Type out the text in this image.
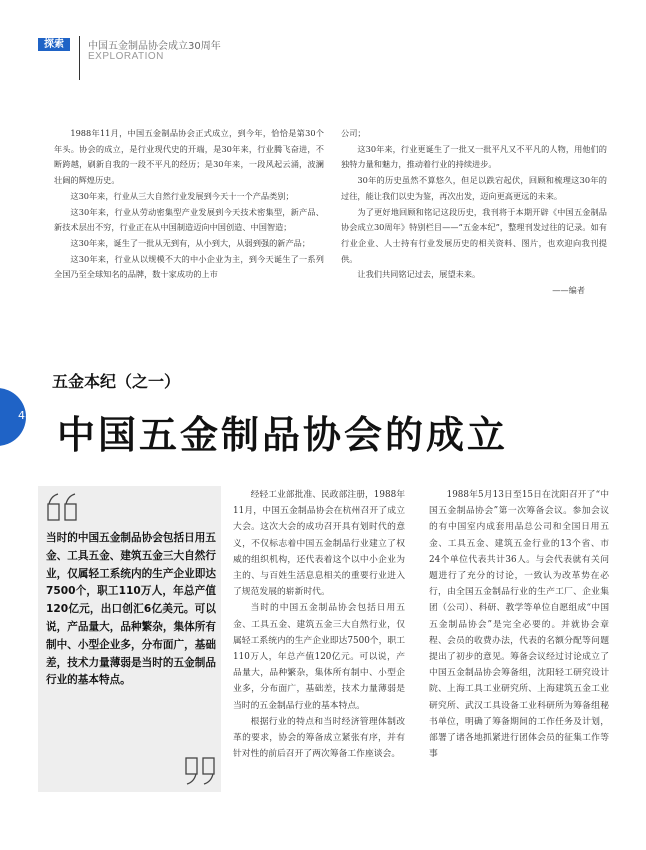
探索	中国五金制品协会成立30周年
EXPLORATION

1988年11月，中国五金制品协会正式成立，到今年，恰恰是第30个年头。协会的成立，是行业现代史的开端，是30年来，行业腾飞奋进，不断跨越，刷新自我的一段不平凡的经历；是30年来，一段风起云涌，波澜壮阔的辉煌历史。

这30年来，行业从三大自然行业发展到今天十一个产品类别；

这30年来，行业从劳动密集型产业发展到今天技术密集型，新产品、新技术层出不穷，行业正在从中国制造迈向中国创造、中国智造；

这30年来，诞生了一批从无到有，从小到大，从弱到强的新产品；

这30年来，行业从以规模不大的中小企业为主，到今天诞生了一系列全国乃至全球知名的品牌，数十家成功的上市

公司；

这30年来，行业更诞生了一批又一批平凡又不平凡的人物，用他们的独特力量和魅力，推动着行业的持续进步。

30年的历史虽然不算悠久，但足以跌宕起伏，回顾和梳理这30年的过往，能让我们以史为鉴，再次出发，迈向更高更远的未来。

为了更好地回顾和铭记这段历史，我刊将于本期开辟《中国五金制品协会成立30周年》特别栏目——“五金本纪”，整理刊发过往的记录。如有行业企业、人士持有行业发展历史的相关资料、图片，也欢迎向我刊提供。

让我们共同铭记过去，展望未来。

——编者

五金本纪（之一）
48 中国五金制品协会的成立
当时的中国五金制品协会包括日用五金、工具五金、建筑五金三大自然行业，仅属轻工系统内的生产企业即达7500个，职工110万人，年总产值120亿元，出口创汇6亿美元。可以说，产品量大，品种繁杂，集体所有制中、小型企业多，分布面广，基础差，技术力量薄弱是当时的五金制品行业的基本特点。

经轻工业部批准、民政部注册，1988年11月，中国五金制品协会在杭州召开了成立大会。这次大会的成功召开具有划时代的意义，不仅标志着中国五金制品行业建立了权威的组织机构，还代表着这个以中小企业为主的、与百姓生活息息相关的重要行业进入了规范发展的崭新时代。

当时的中国五金制品协会包括日用五金、工具五金、建筑五金三大自然行业，仅属轻工系统内的生产企业即达7500个，职工110万人，年总产值120亿元。可以说，产品量大，品种繁杂，集体所有制中、小型企业多，分布面广，基础差，技术力量薄弱是当时的五金制品行业的基本特点。

根据行业的特点和当时经济管理体制改革的要求，协会的筹备成立紧张有序，并有针对性的前后召开了两次筹备工作座谈会。

1988年5月13日至15日在沈阳召开了“中国五金制品协会”第一次筹备会议。参加会议的有中国室内成套用品总公司和全国日用五金、工具五金、建筑五金行业的13个省、市24个单位代表共计36人。与会代表就有关问题进行了充分的讨论，一致认为改革势在必行，由全国五金制品行业的生产工厂、企业集团（公司）、科研、教学等单位自愿组成“中国五金制品协会”是完全必要的。并就协会章程、会员的收费办法，代表的名额分配等问题提出了初步的意见。筹备会议经过讨论成立了中国五金制品协会筹备组，沈阳轻工研究设计院、上海工具工业研究所、上海建筑五金工业研究所、武汉工具设备工业科研所为筹备组秘书单位，明确了筹备期间的工作任务及计划，部署了诸各地抓紧进行团体会员的征集工作等事
